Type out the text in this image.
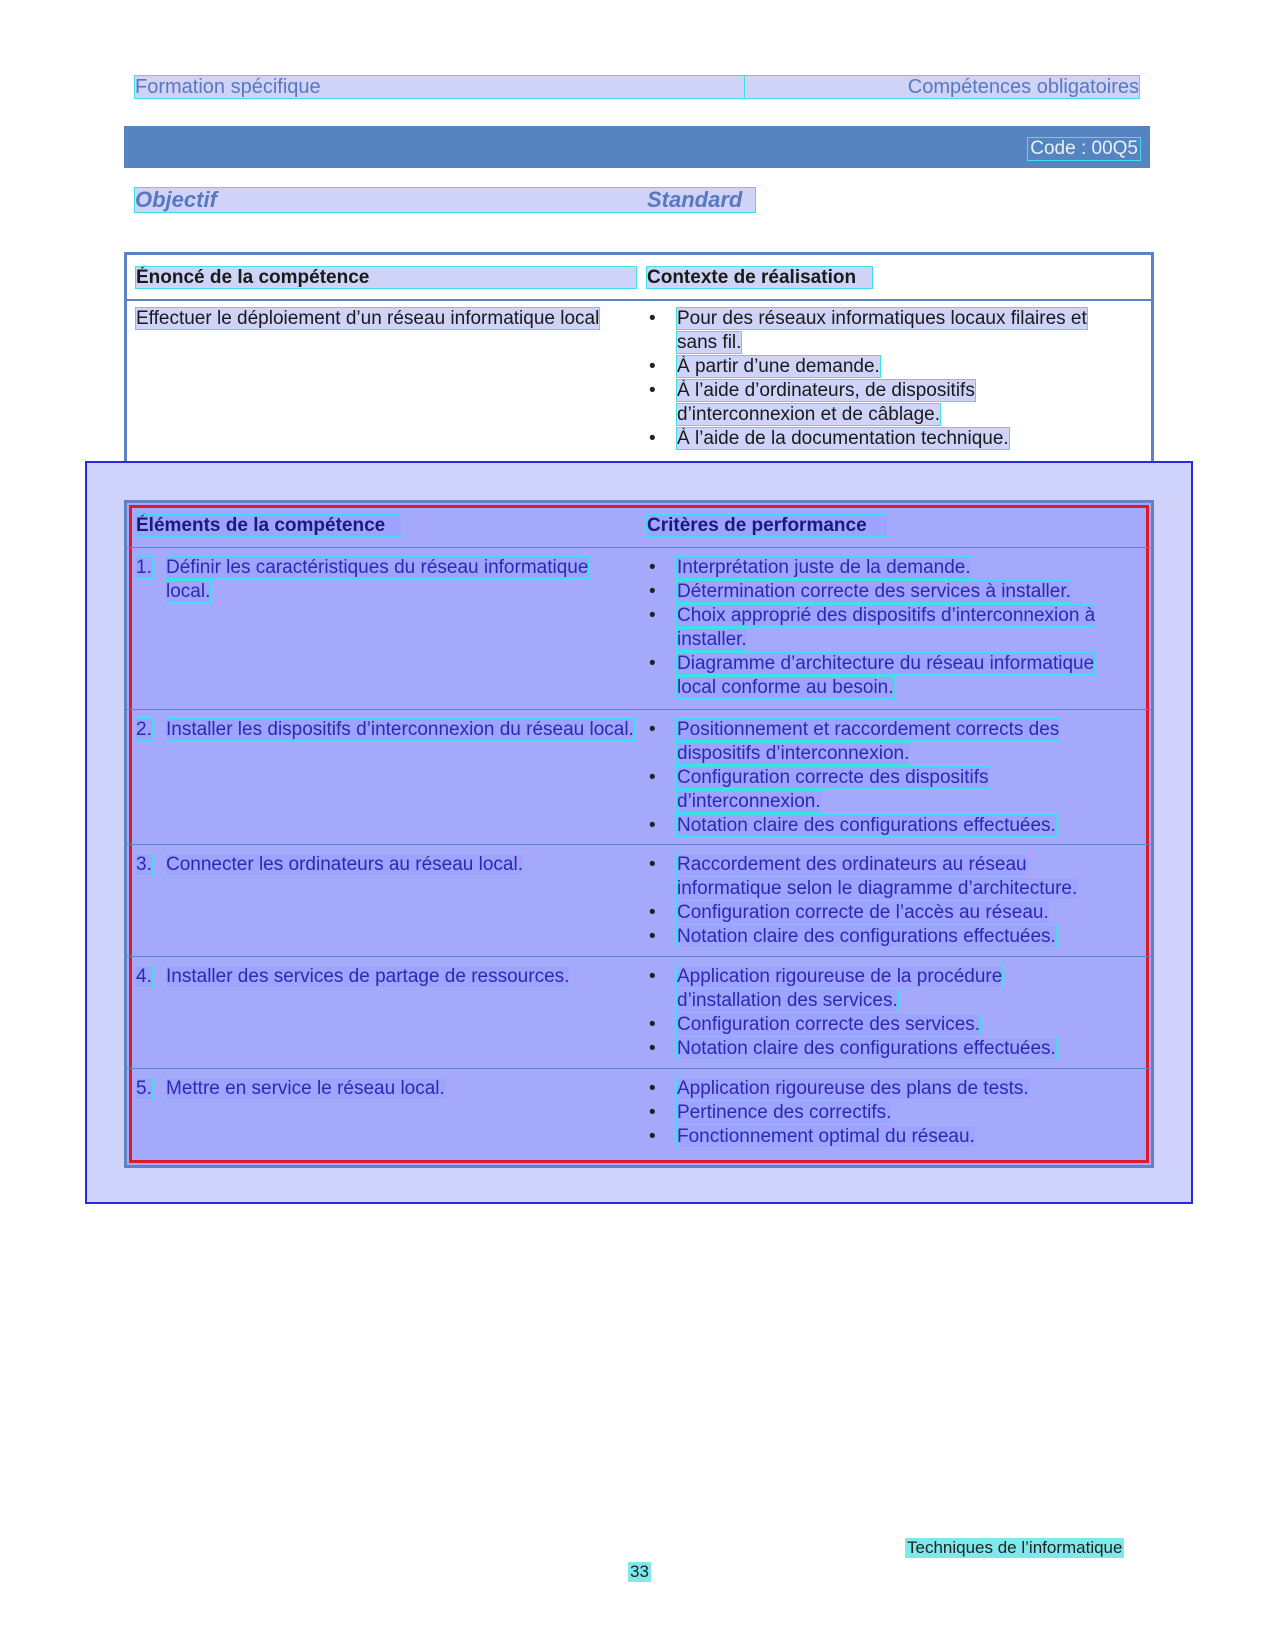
Formation spécifique	Compétences obligatoires
Code : 00Q5
Objectif	Standard
Énoncé de la compétence	Contexte de réalisation
Effectuer le déploiement d’un réseau informatique local	• Pour des réseaux informatiques locaux filaires et sans fil.
• À partir d’une demande.
• À l’aide d’ordinateurs, de dispositifs d’interconnexion et de câblage.
• À l’aide de la documentation technique.
Éléments de la compétence	Critères de performance
1. Définir les caractéristiques du réseau informatique local.
• Interprétation juste de la demande.
• Détermination correcte des services à installer.
• Choix approprié des dispositifs d’interconnexion à installer.
• Diagramme d’architecture du réseau informatique local conforme au besoin.
2. Installer les dispositifs d’interconnexion du réseau local.	• Positionnement et raccordement corrects des dispositifs d’interconnexion.
• Configuration correcte des dispositifs d’interconnexion.
• Notation claire des configurations effectuées.
3. Connecter les ordinateurs au réseau local.	• Raccordement des ordinateurs au réseau informatique selon le diagramme d’architecture.
• Configuration correcte de l’accès au réseau.
• Notation claire des configurations effectuées.
4. Installer des services de partage de ressources.	• Application rigoureuse de la procédure d’installation des services.
• Configuration correcte des services.
• Notation claire des configurations effectuées.
5. Mettre en service le réseau local.	• Application rigoureuse des plans de tests.
• Pertinence des correctifs.
• Fonctionnement optimal du réseau.
Techniques de l’informatique
33
